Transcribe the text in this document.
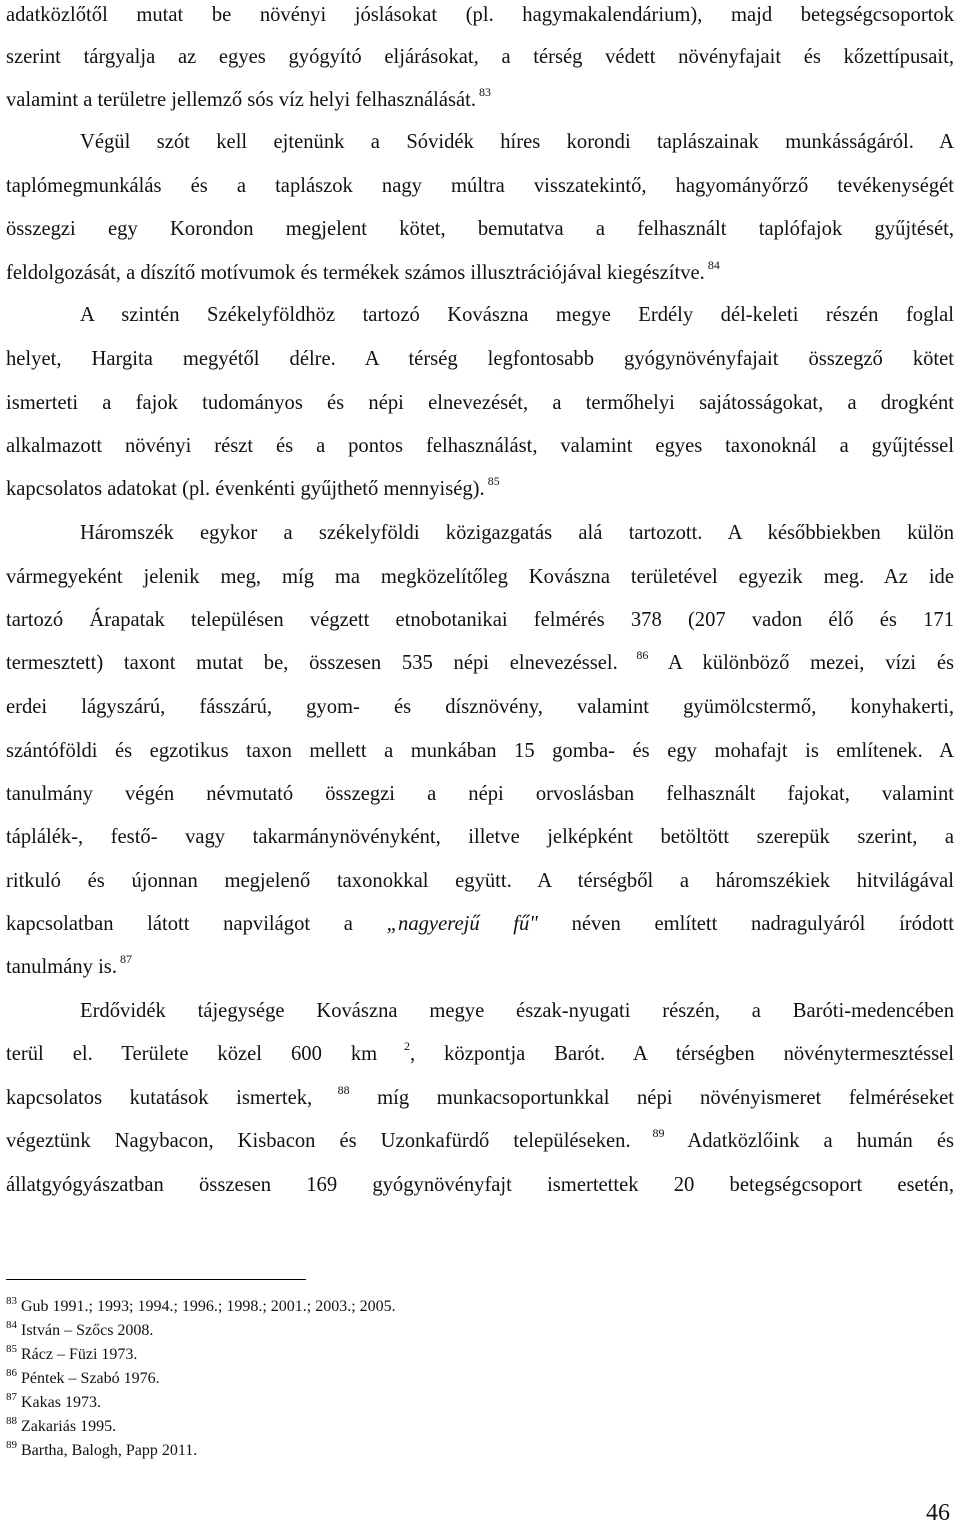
adatközlőtől mutat be növényi jóslásokat (pl. hagymakalendárium), majd betegségcsoportok
szerint tárgyalja az egyes gyógyító eljárásokat, a térség védett növényfajait és kőzettípusait,
valamint a területre jellemző sós víz helyi felhasználását. $^{83}$
Végül szót kell ejtenünk a Sóvidék híres korondi taplászainak munkásságáról. A
taplómegmunkálás és a taplászok nagy múltra visszatekintő, hagyományőrző tevékenységét
összegzi egy Korondon megjelent kötet, bemutatva a felhasznált taplófajok gyűjtését,
feldolgozását, a díszítő motívumok és termékek számos illusztrációjával kiegészítve. $^{84}$
A szintén Székelyföldhöz tartozó Kovászna megye Erdély dél-keleti részén foglal
helyet, Hargita megyétől délre. A térség legfontosabb gyógynövényfajait összegző kötet
ismerteti a fajok tudományos és népi elnevezését, a termőhelyi sajátosságokat, a drogként
alkalmazott növényi részt és a pontos felhasználást, valamint egyes taxonoknál a gyűjtéssel
kapcsolatos adatokat (pl. évenkénti gyűjthető mennyiség). $^{85}$
Háromszék egykor a székelyföldi közigazgatás alá tartozott. A későbbiekben külön
vármegyeként jelenik meg, míg ma megközelítőleg Kovászna területével egyezik meg. Az ide
tartozó Árapatak településen végzett etnobotanikai felmérés 378 (207 vadon élő és 171
termesztett) taxont mutat be, összesen 535 népi elnevezéssel. $^{86}$ A különböző mezei, vízi és
erdei lágyszárú, fásszárú, gyom- és dísznövény, valamint gyümölcstermő, konyhakerti,
szántóföldi és egzotikus taxon mellett a munkában 15 gomba- és egy mohafajt is említenek. A
tanulmány végén névmutató összegzi a népi orvoslásban felhasznált fajokat, valamint
táplálék-, festő- vagy takarmánynövényként, illetve jelképként betöltött szerepük szerint, a
ritkuló és újonnan megjelenő taxonokkal együtt. A térségből a háromszékiek hitvilágával
kapcsolatban látott napvilágot a „nagyerejű fű" néven említett nadragulyáról íródott
tanulmány is. $^{87}$
Erdővidék tájegysége Kovászna megye észak-nyugati részén, a Baróti-medencében
terül el. Területe közel 600 km $^2$, központja Barót. A térségben növénytermesztéssel
kapcsolatos kutatások ismertek, $^{88}$ míg munkacsoportunkkal népi növényismeret felméréseket
végeztünk Nagybacon, Kisbacon és Uzonkafürdő településeken. $^{89}$ Adatközlőink a humán és
állatgyógyászatban összesen 169 gyógynövényfajt ismertettek 20 betegségcsoport esetén,
$^{83}$ Gub 1991.; 1993; 1994.; 1996.; 1998.; 2001.; 2003.; 2005.
$^{84}$ István – Szőcs 2008.
$^{85}$ Rácz – Füzi 1973.
$^{86}$ Péntek – Szabó 1976.
$^{87}$ Kakas 1973.
$^{88}$ Zakariás 1995.
$^{89}$ Bartha, Balogh, Papp 2011.
46
